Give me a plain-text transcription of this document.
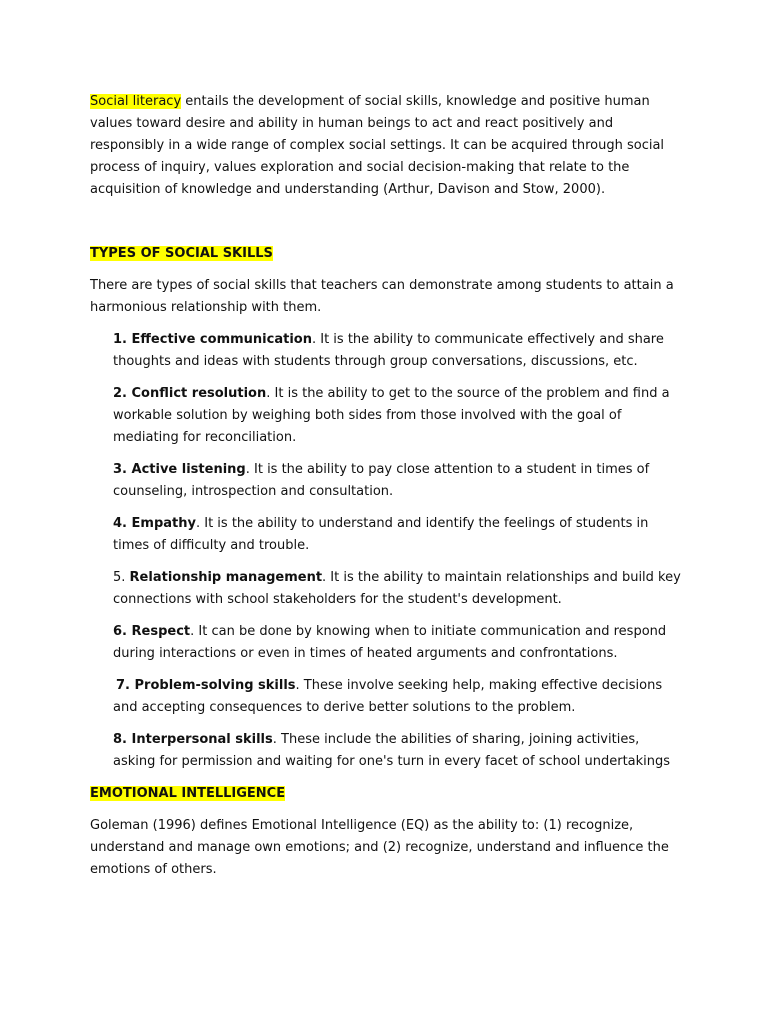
Social literacy entails the development of social skills, knowledge and positive human values toward desire and ability in human beings to act and react positively and responsibly in a wide range of complex social settings. It can be acquired through social process of inquiry, values exploration and social decision-making that relate to the acquisition of knowledge and understanding (Arthur, Davison and Stow, 2000).

TYPES OF SOCIAL SKILLS

There are types of social skills that teachers can demonstrate among students to attain a harmonious relationship with them.

1. Effective communication. It is the ability to communicate effectively and share thoughts and ideas with students through group conversations, discussions, etc.

2. Conflict resolution. It is the ability to get to the source of the problem and find a workable solution by weighing both sides from those involved with the goal of mediating for reconciliation.

3. Active listening. It is the ability to pay close attention to a student in times of counseling, introspection and consultation.

4. Empathy. It is the ability to understand and identify the feelings of students in times of difficulty and trouble.

5. Relationship management. It is the ability to maintain relationships and build key connections with school stakeholders for the student's development.

6. Respect. It can be done by knowing when to initiate communication and respond during interactions or even in times of heated arguments and confrontations.

7. Problem-solving skills. These involve seeking help, making effective decisions and accepting consequences to derive better solutions to the problem.

8. Interpersonal skills. These include the abilities of sharing, joining activities, asking for permission and waiting for one's turn in every facet of school undertakings

EMOTIONAL INTELLIGENCE

Goleman (1996) defines Emotional Intelligence (EQ) as the ability to: (1) recognize, understand and manage own emotions; and (2) recognize, understand and influence the emotions of others.
